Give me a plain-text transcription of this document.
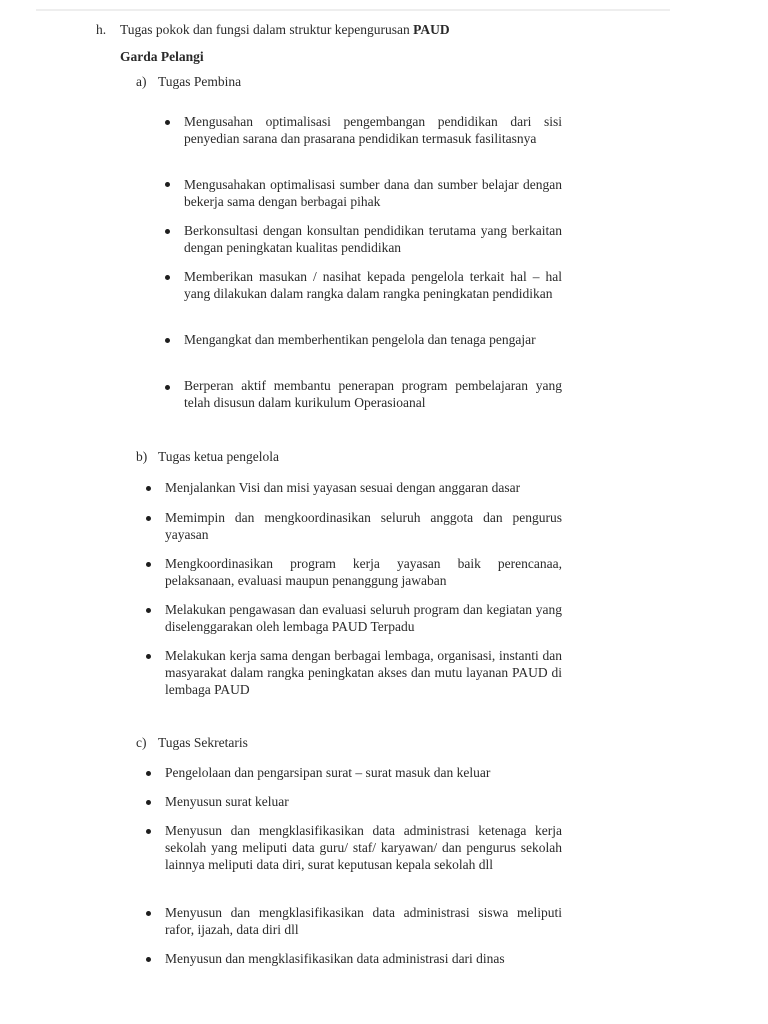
h. Tugas pokok dan fungsi dalam struktur kepengurusan PAUD
Garda Pelangi
a) Tugas Pembina
Mengusahan optimalisasi pengembangan pendidikan dari sisi penyedian sarana dan prasarana pendidikan termasuk fasilitasnya
Mengusahakan optimalisasi sumber dana dan sumber belajar dengan bekerja sama dengan berbagai pihak
Berkonsultasi dengan konsultan pendidikan terutama yang berkaitan dengan peningkatan kualitas pendidikan
Memberikan masukan / nasihat kepada pengelola terkait hal – hal yang dilakukan dalam rangka dalam rangka peningkatan pendidikan
Mengangkat dan memberhentikan pengelola dan tenaga pengajar
Berperan aktif membantu penerapan program pembelajaran yang telah disusun dalam kurikulum Operasioanal
b) Tugas ketua pengelola
Menjalankan Visi dan misi yayasan sesuai dengan anggaran dasar
Memimpin dan mengkoordinasikan seluruh anggota dan pengurus yayasan
Mengkoordinasikan program kerja yayasan baik perencanaa, pelaksanaan, evaluasi maupun penanggung jawaban
Melakukan pengawasan dan evaluasi seluruh program dan kegiatan yang diselenggarakan oleh lembaga PAUD Terpadu
Melakukan kerja sama dengan berbagai lembaga, organisasi, instanti dan masyarakat dalam rangka peningkatan akses dan mutu layanan PAUD di lembaga PAUD
c) Tugas Sekretaris
Pengelolaan dan pengarsipan surat – surat masuk dan keluar
Menyusun surat keluar
Menyusun dan mengklasifikasikan data administrasi ketenaga kerja sekolah yang meliputi data guru/ staf/ karyawan/ dan pengurus sekolah lainnya meliputi data diri, surat keputusan kepala sekolah dll
Menyusun dan mengklasifikasikan data administrasi siswa meliputi rafor, ijazah, data diri dll
Menyusun dan mengklasifikasikan data administrasi dari dinas
